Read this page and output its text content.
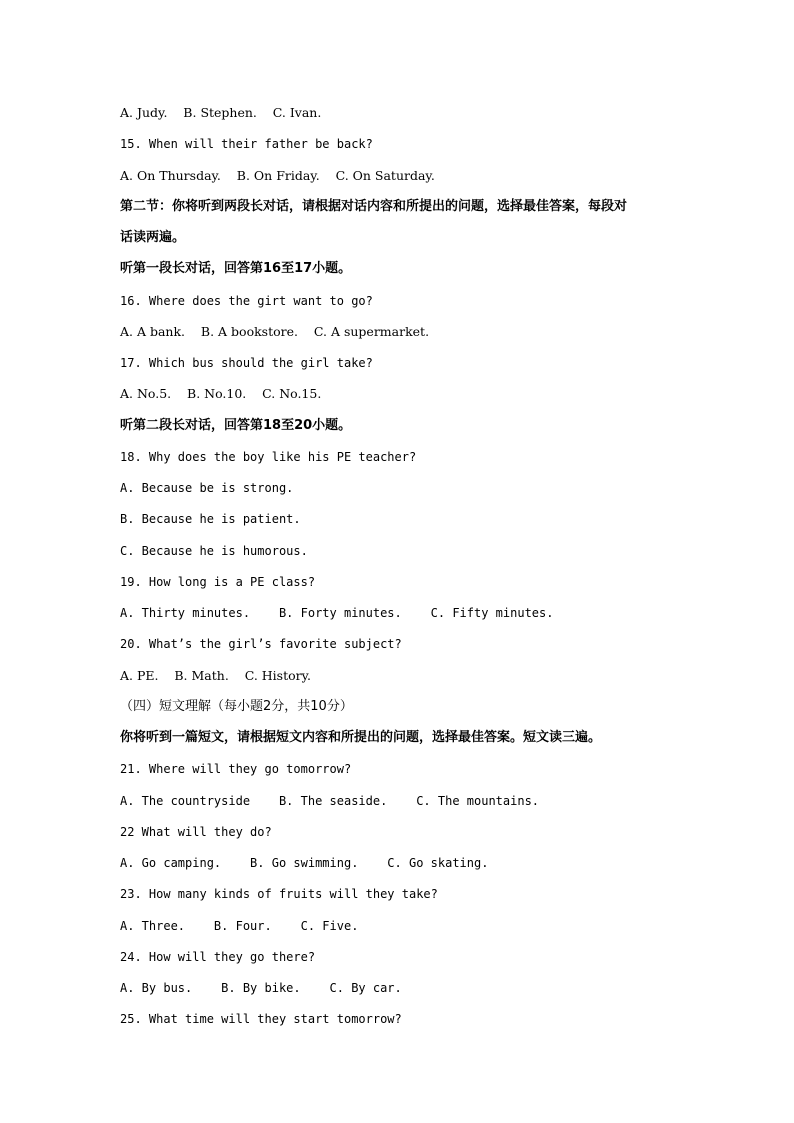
A. Judy.    B. Stephen.    C. Ivan.
15. When will their father be back?
A. On Thursday.    B. On Friday.    C. On Saturday.
第二节：你将听到两段长对话，请根据对话内容和所提出的问题，选择最佳答案，每段对
话读两遍。
听第一段长对话，回答第16至17小题。
16. Where does the girt want to go?
A. A bank.    B. A bookstore.    C. A supermarket.
17. Which bus should the girl take?
A. No.5.    B. No.10.    C. No.15.
听第二段长对话，回答第18至20小题。
18. Why does the boy like his PE teacher?
A. Because be is strong.
B. Because he is patient.
C. Because he is humorous.
19. How long is a PE class?
A. Thirty minutes.    B. Forty minutes.    C. Fifty minutes.
20. What’s the girl’s favorite subject?
A. PE.    B. Math.    C. History.
（四）短文理解（每小题2分，共10分）
你将听到一篇短文，请根据短文内容和所提出的问题，选择最佳答案。短文读三遍。
21. Where will they go tomorrow?
A. The countryside    B. The seaside.    C. The mountains.
22 What will they do?
A. Go camping.    B. Go swimming.    C. Go skating.
23. How many kinds of fruits will they take?
A. Three.    B. Four.    C. Five.
24. How will they go there?
A. By bus.    B. By bike.    C. By car.
25. What time will they start tomorrow?
